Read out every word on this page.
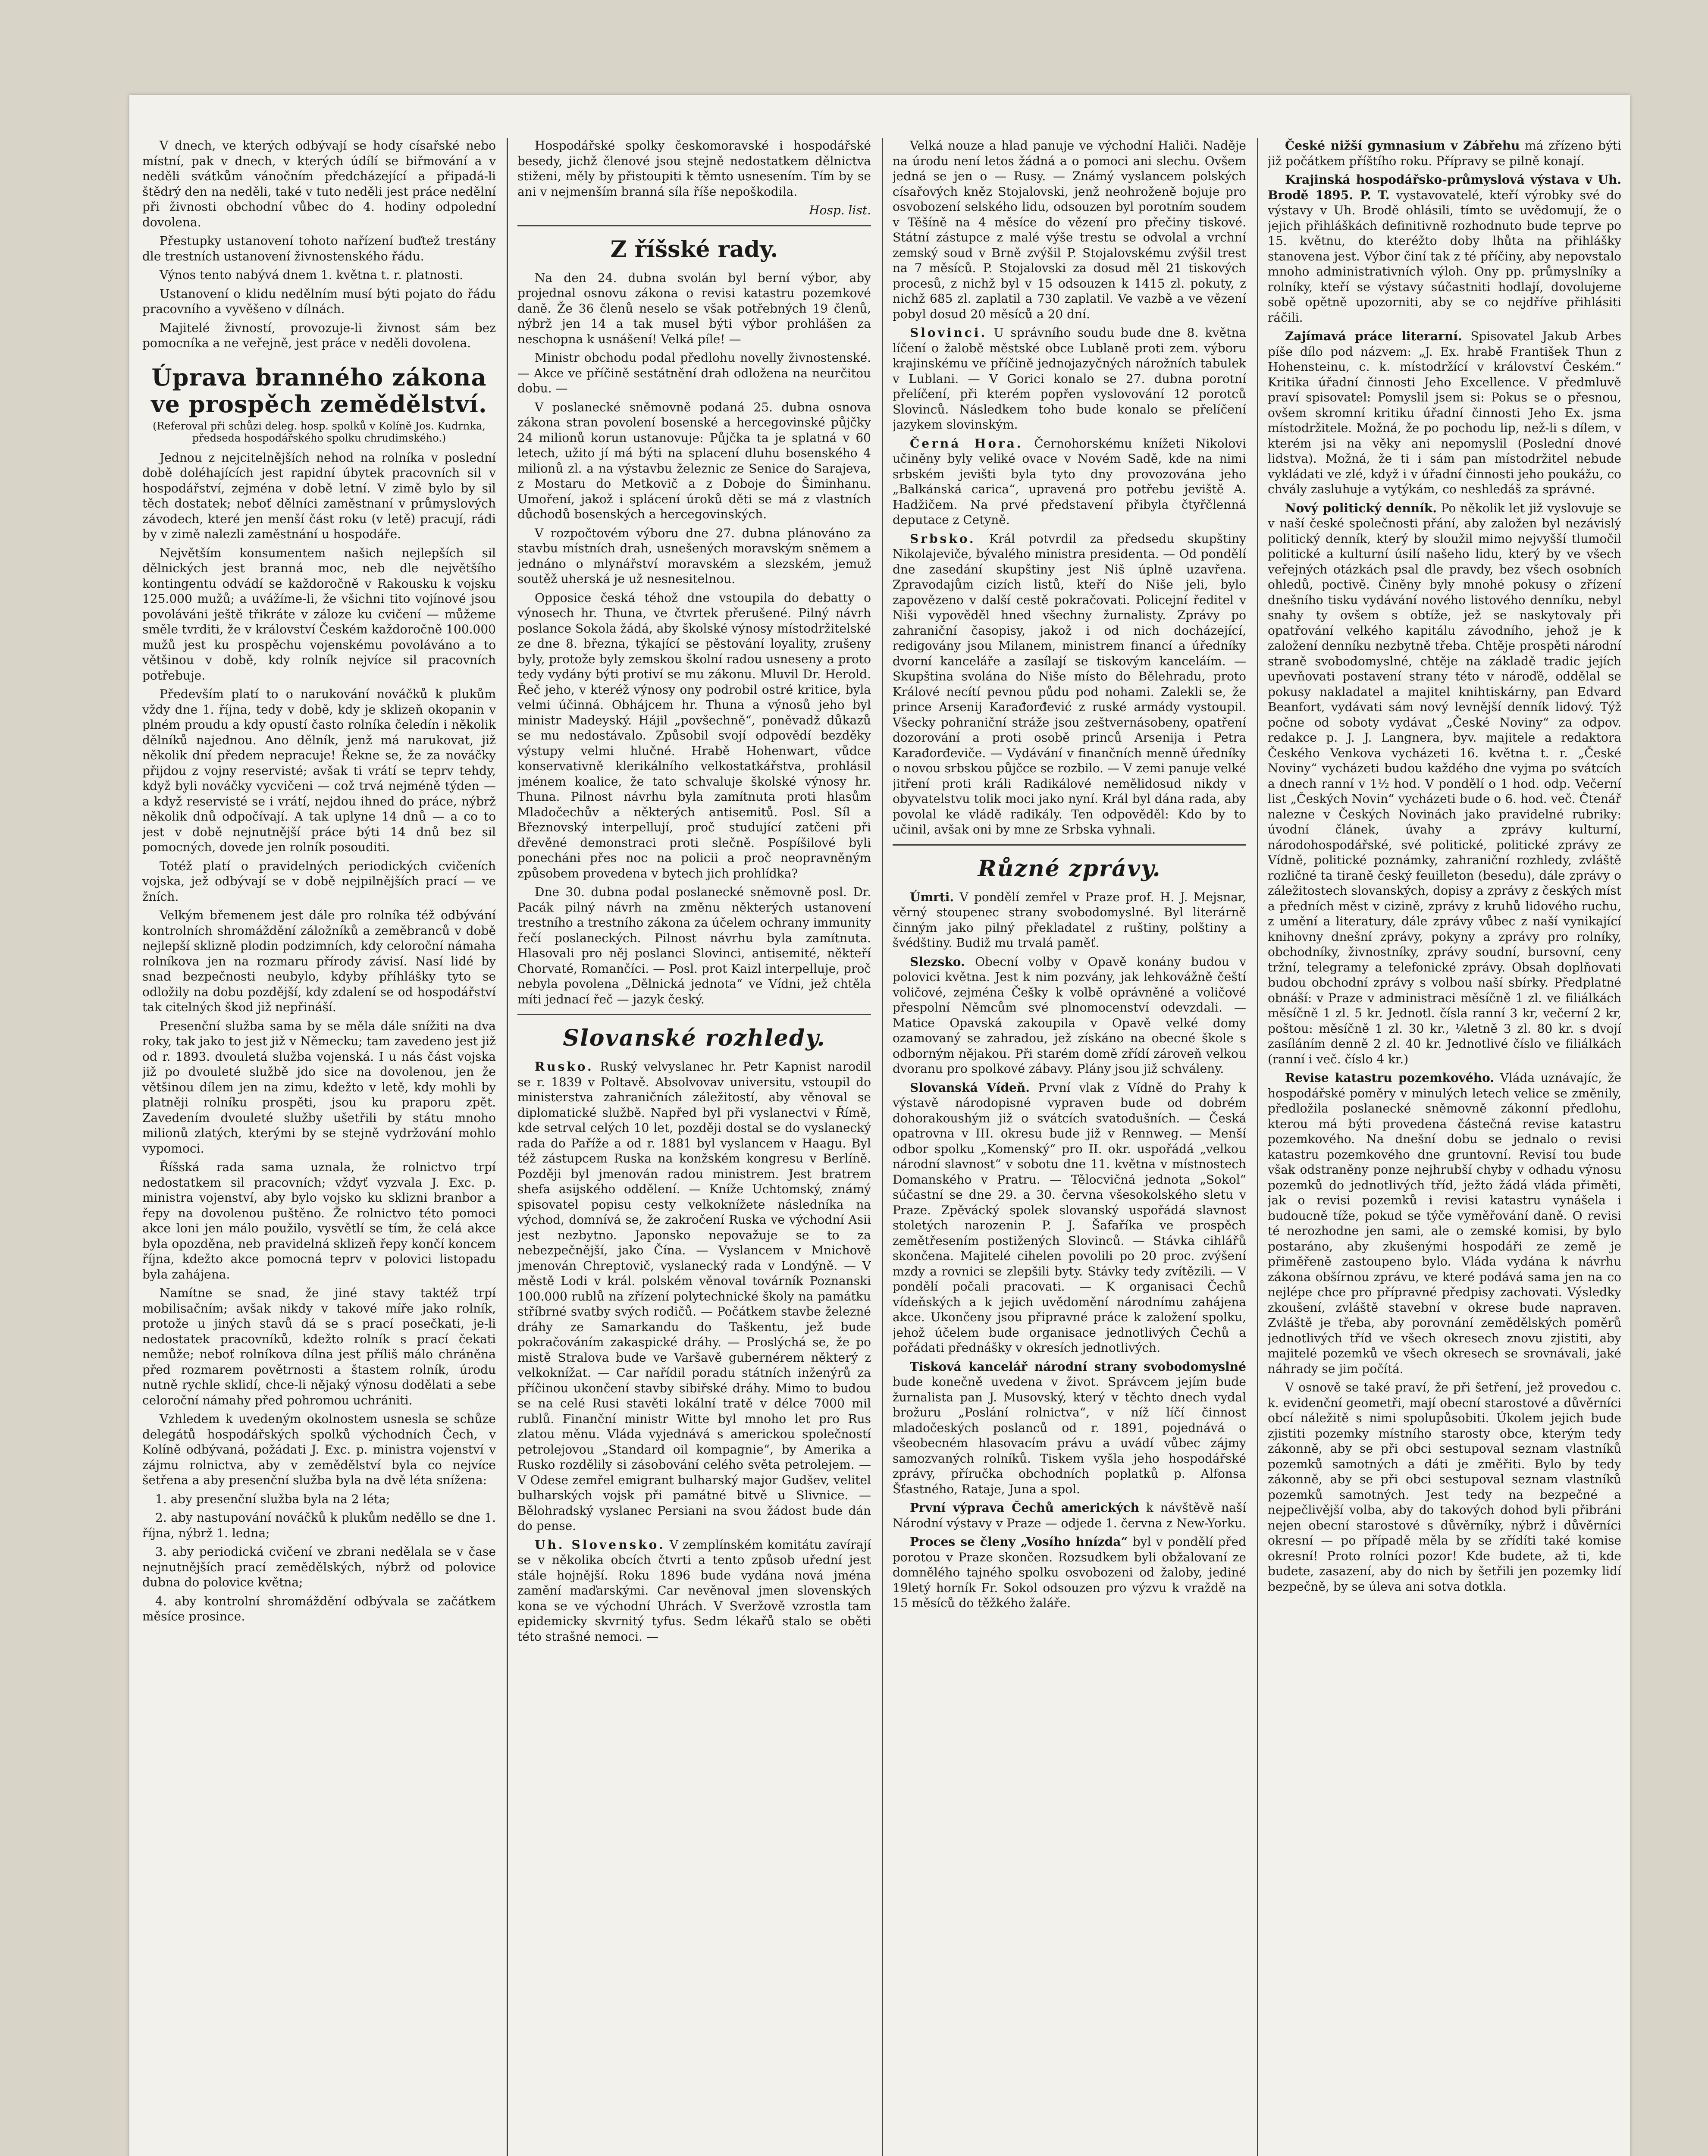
V dnech, ve kterých odbývají se hody císařské nebo místní, pak v dnech, v kterých údílí se biřmování a v neděli svátkům vánočním předcházející a připadá-li štědrý den na neděli, také v tuto neděli jest práce nedělní při živnosti obchodní vůbec do 4. hodiny odpolední dovolena.

Přestupky ustanovení tohoto nařízení buďtež trestány dle trestních ustanovení živnostenského řádu.

Výnos tento nabývá dnem 1. května t. r. platnosti.

Ustanovení o klidu nedělním musí býti pojato do řádu pracovního a vyvěšeno v dílnách.

Majitelé živností, provozuje-li živnost sám bez pomocníka a ne veřejně, jest práce v neděli dovolena.

Úprava branného zákona ve prospěch zemědělství.

(Referoval při schůzi deleg. hosp. spolků v Kolíně Jos. Kudrnka, předseda hospodářského spolku chrudimského.)

Jednou z nejcitelnějších nehod na rolníka v poslední době doléhajících jest rapidní úbytek pracovních sil v hospodářství, zejména v době letní. V zimě bylo by sil těch dostatek; neboť dělníci zaměstnaní v průmyslových závodech, které jen menší část roku (v letě) pracují, rádi by v zimě nalezli zaměstnání u hospodáře.

Největším konsumentem našich nejlepších sil dělnických jest branná moc, neb dle největšího kontingentu odvádí se každoročně v Rakousku k vojsku 125.000 mužů; a uvážíme-li, že všichni tito vojínové jsou povoláváni ještě třikráte v záloze ku cvičení — můžeme směle tvrditi, že v království Českém každoročně 100.000 mužů jest ku prospěchu vojenskému povoláváno a to většinou v době, kdy rolník nejvíce sil pracovních potřebuje.

Především platí to o narukování nováčků k plukům vždy dne 1. října, tedy v době, kdy je sklizeň okopanin v plném proudu a kdy opustí často rolníka čeledín i několik dělníků najednou. Ano dělník, jenž má narukovat, již několik dní předem nepracuje! Řekne se, že za nováčky přijdou z vojny reservisté; avšak ti vrátí se teprv tehdy, když byli nováčky vycvičeni — což trvá nejméně týden — a když reservisté se i vrátí, nejdou ihned do práce, nýbrž několik dnů odpočívají. A tak uplyne 14 dnů — a co to jest v době nejnutnější práce býti 14 dnů bez sil pomocných, dovede jen rolník posouditi.

Totéž platí o pravidelných periodických cvičeních vojska, jež odbývají se v době nejpilnějších prací — ve žních.

Velkým břemenem jest dále pro rolníka též odbývání kontrolních shromáždění záložníků a zeměbranců v době nejlepší sklizně plodin podzimních, kdy celoroční námaha rolníkova jen na rozmaru přírody závisí. Nasí lidé by snad bezpečnosti neubylo, kdyby příhlášky tyto se odložily na dobu pozdější, kdy zdalení se od hospodářství tak citelných škod již nepřináší.

Presenční služba sama by se měla dále snížiti na dva roky, tak jako to jest již v Německu; tam zavedeno jest již od r. 1893. dvouletá služba vojenská. I u nás část vojska již po dvouleté službě jdo sice na dovolenou, jen že většinou dílem jen na zimu, kdežto v letě, kdy mohli by platněji rolníku prospěti, jsou ku praporu zpět. Zavedením dvouleté služby ušetřili by státu mnoho milionů zlatých, kterými by se stejně vydržování mohlo vypomoci.

Říšská rada sama uznala, že rolnictvo trpí nedostatkem sil pracovních; vždyť vyzvala J. Exc. p. ministra vojenství, aby bylo vojsko ku sklizni branbor a řepy na dovolenou puštěno. Že rolnictvo této pomoci akce loni jen málo použilo, vysvětlí se tím, že celá akce byla opozděna, neb pravidelná sklizeň řepy končí koncem října, kdežto akce pomocná teprv v polovici listopadu byla zahájena.

Namítne se snad, že jiné stavy taktéž trpí mobilisačním; avšak nikdy v takové míře jako rolník, protože u jiných stavů dá se s prací posečkati, je-li nedostatek pracovníků, kdežto rolník s prací čekati nemůže; neboť rolníkova dílna jest příliš málo chráněna před rozmarem povětrnosti a štastem rolník, úrodu nutně rychle sklidí, chce-li nějaký výnosu dodělati a sebe celoroční námahy před pohromou uchrániti.

Vzhledem k uvedeným okolnostem usnesla se schůze delegátů hospodářských spolků východních Čech, v Kolíně odbývaná, požádati J. Exc. p. ministra vojenství v zájmu rolnictva, aby v zemědělství byla co nejvíce šetřena a aby presenční služba byla na dvě léta snížena:

1. aby presenční služba byla na 2 léta;

2. aby nastupování nováčků k plukům neděllo se dne 1. října, nýbrž 1. ledna;

3. aby periodická cvičení ve zbrani nedělala se v čase nejnutnějších prací zemědělských, nýbrž od polovice dubna do polovice května;

4. aby kontrolní shromáždění odbývala se začátkem měsíce prosince.

Hospodářské spolky českomoravské i hospodářské besedy, jichž členové jsou stejně nedostatkem dělnictva stiženi, měly by přistoupiti k těmto usnesením. Tím by se ani v nejmenším branná síla říše nepoškodila.

Hosp. list.

Z říšské rady.

Na den 24. dubna svolán byl berní výbor, aby projednal osnovu zákona o revisi katastru pozemkové daně. Že 36 členů neselo se však potřebných 19 členů, nýbrž jen 14 a tak musel býti výbor prohlášen za neschopna k usnášení! Velká píle! —

Ministr obchodu podal předlohu novelly živnostenské. — Akce ve příčině sestátnění drah odložena na neurčitou dobu. —

V poslanecké sněmovně podaná 25. dubna osnova zákona stran povolení bosenské a hercegovinské půjčky 24 milionů korun ustanovuje: Půjčka ta je splatná v 60 letech, užito jí má býti na splacení dluhu bosenského 4 milionů zl. a na výstavbu železnic ze Senice do Sarajeva, z Mostaru do Metkovič a z Doboje do Šiminhanu. Umoření, jakož i splácení úroků děti se má z vlastních důchodů bosenských a hercegovinských.

V rozpočtovém výboru dne 27. dubna plánováno za stavbu místních drah, usnešených moravským sněmem a jednáno o mlynářství moravském a slezském, jemuž soutěž uherská je už nesnesitelnou.

Opposice česká téhož dne vstoupila do debatty o výnosech hr. Thuna, ve čtvrtek přerušené. Pilný návrh poslance Sokola žádá, aby školské výnosy místodržitelské ze dne 8. března, týkající se pěstování loyality, zrušeny byly, protože byly zemskou školní radou usneseny a proto tedy vydány býti protiví se mu zákonu. Mluvil Dr. Herold. Řeč jeho, v kteréž výnosy ony podrobil ostré kritice, byla velmi účinná. Obhájcem hr. Thuna a výnosů jeho byl ministr Madeyský. Hájil „povšechně“, poněvadž důkazů se mu nedostávalo. Způsobil svojí odpovědí bezděky výstupy velmi hlučné. Hrabě Hohenwart, vůdce konservativně klerikálního velkostatkářstva, prohlásil jménem koalice, že tato schvaluje školské výnosy hr. Thuna. Pilnost návrhu byla zamítnuta proti hlasům Mladočechův a některých antisemitů. Posl. Síl a Březnovský interpellují, proč studující zatčeni při dřevěné demonstraci proti slečně. Pospíšilové byli ponecháni přes noc na policii a proč neopravněným způsobem provedena v bytech jich prohlídka?

Dne 30. dubna podal poslanecké sněmovně posl. Dr. Pacák pilný návrh na změnu některých ustanovení trestního a trestního zákona za účelem ochrany immunity řečí poslaneckých. Pilnost návrhu byla zamítnuta. Hlasovali pro něj poslanci Slovinci, antisemité, někteří Chorvaté, Romančíci. — Posl. prot Kaizl interpelluje, proč nebyla povolena „Dělnická jednota“ ve Vídni, jež chtěla míti jednací řeč — jazyk český.

Slovanské rozhledy.

Rusko. Ruský velvyslanec hr. Petr Kapnist narodil se r. 1839 v Poltavě. Absolvovav universitu, vstoupil do ministerstva zahraničních záležitostí, aby věnoval se diplomatické službě. Napřed byl při vyslanectvi v Římě, kde setrval celých 10 let, později dostal se do vyslanecký rada do Paříže a od r. 1881 byl vyslancem v Haagu. Byl též zástupcem Ruska na konžském kongresu v Berlíně. Později byl jmenován radou ministrem. Jest bratrem shefa asijského oddělení. — Kníže Uchtomský, známý spisovatel popisu cesty velkoknížete následníka na východ, domnívá se, že zakročení Ruska ve východní Asii jest nezbytno. Japonsko nepovažuje se to za nebezpečnější, jako Čína. — Vyslancem v Mnichově jmenován Chreptovič, vyslanecký rada v Londýně. — V městě Lodi v král. polském věnoval továrník Poznanski 100.000 rublů na zřízení polytechnické školy na památku stříbrné svatby svých rodičů. — Počátkem stavbe železné dráhy ze Samarkandu do Taškentu, jež bude pokračováním zakaspické dráhy. — Proslýchá se, že po mistě Stralova bude ve Varšavě gubernérem některý z velkoknížat. — Car nařídil poradu státních inženýrů za příčinou ukončení stavby sibiřské dráhy. Mimo to budou se na celé Rusi stavěti lokální tratě v délce 7000 mil rublů. Finanční ministr Witte byl mnoho let pro Rus zlatou měnu. Vláda vyjednává s americkou společností petrolejovou „Standard oil kompagnie“, by Amerika a Rusko rozdělily si zásobování celého světa petrolejem. — V Odese zemřel emigrant bulharský major Gudšev, velitel bulharských vojsk při památné bitvě u Slivnice. — Bělohradský vyslanec Persiani na svou žádost bude dán do pense.

Uh. Slovensko. V zemplínském komitátu zavírají se v několika obcích čtvrti a tento způsob uřední jest stále hojnější. Roku 1896 bude vydána nová jména zamění maďarskými. Car nevěnoval jmen slovenských kona se ve východní Uhrách. V Sveržově vzrostla tam epidemicky skvrnitý tyfus. Sedm lékařů stalo se oběti této strašné nemoci. —

Velká nouze a hlad panuje ve východní Haliči. Naděje na úrodu není letos žádná a o pomoci ani slechu. Ovšem jedná se jen o — Rusy. — Známý vyslancem polských císařových kněz Stojalovski, jenž neohroženě bojuje pro osvobození selského lidu, odsouzen byl porotním soudem v Těšíně na 4 měsíce do vězení pro přečiny tiskové. Státní zástupce z malé výše trestu se odvolal a vrchní zemský soud v Brně zvýšil P. Stojalovskému zvýšil trest na 7 měsíců. P. Stojalovski za dosud měl 21 tiskových procesů, z nichž byl v 15 odsouzen k 1415 zl. pokuty, z nichž 685 zl. zaplatil a 730 zaplatil. Ve vazbě a ve vězení pobyl dosud 20 měsíců a 20 dní.

Slovinci. U správního soudu bude dne 8. května líčení o žalobě městské obce Lublaně proti zem. výboru krajinskému ve příčině jednojazyčných nárožních tabulek v Lublani. — V Gorici konalo se 27. dubna porotní přelíčení, při kterém popřen vyslovování 12 porotců Slovinců. Následkem toho bude konalo se přelíčení jazykem slovinským.

Černá Hora. Černohorskému knížeti Nikolovi učiněny byly veliké ovace v Novém Sadě, kde na nimi srbském jevišti byla tyto dny provozována jeho „Balkánská carica“, upravená pro potřebu jeviště A. Hadžičem. Na prvé představení přibyla čtyřčlenná deputace z Cetyně.

Srbsko. Král potvrdil za předsedu skupštiny Nikolajeviče, bývalého ministra presidenta. — Od pondělí dne zasedání skupštiny jest Niš úplně uzavřena. Zpravodajům cizích listů, kteří do Niše jeli, bylo zapovězeno v další cestě pokračovati. Policejní ředitel v Niši vypověděl hned všechny žurnalisty. Zprávy po zahraniční časopisy, jakož i od nich docházející, redigovány jsou Milanem, ministrem financí a úředníky dvorní kanceláře a zasílají se tiskovým kanceláím. — Skupština svolána do Niše místo do Bělehradu, proto Králové necítí pevnou půdu pod nohami. Zalekli se, že prince Arsenij Karađorđević z ruské armády vystoupil. Všecky pohraniční stráže jsou zeštvernásobeny, opatření dozorování a proti osobě princů Arsenija i Petra Karađorđeviče. — Vydávání v finančních menně úředníky o novou srbskou půjčce se rozbilo. — V zemi panuje velké jitření proti králi Radikálové nemělidosud nikdy v obyvatelstvu tolik moci jako nyní. Král byl dána rada, aby povolal ke vládě radikály. Ten odpověděl: Kdo by to učinil, avšak oni by mne ze Srbska vyhnali.

Různé zprávy.

Úmrti. V pondělí zemřel v Praze prof. H. J. Mejsnar, věrný stoupenec strany svobodomyslné. Byl literárně činným jako pilný překladatel z ruštiny, polštiny a švédštiny. Budiž mu trvalá paměť.

Slezsko. Obecní volby v Opavě konány budou v polovici května. Jest k nim pozvány, jak lehkovážně čeští voličové, zejména Češky k volbě oprávněné a voličové přespolní Němcům své plnomocenství odevzdali. — Matice Opavská zakoupila v Opavě velké domy ozamovaný se zahradou, jež získáno na obecné škole s odborným nějakou. Při starém domě zřídí zároveň velkou dvoranu pro spolkové zábavy. Plány jsou již schváleny.

Slovanská Vídeň. První vlak z Vídně do Prahy k výstavě národopisné vypraven bude od dobrém dohorakoushým již o svátcích svatodušních. — Česká opatrovna v III. okresu bude již v Rennweg. — Menší odbor spolku „Komenský“ pro II. okr. uspořádá „velkou národní slavnost“ v sobotu dne 11. května v místnostech Domanského v Pratru. — Tělocvičná jednota „Sokol“ súčastní se dne 29. a 30. června všesokolského sletu v Praze. Zpěvácký spolek slovanský uspořádá slavnost stoletých narozenin P. J. Šafaříka ve prospěch zemětřesením postižených Slovinců. — Stávka cihlářů skončena. Majitelé cihelen povolili po 20 proc. zvýšení mzdy a rovnici se zlepšili byty. Stávky tedy zvítězili. — V pondělí počali pracovati. — K organisaci Čechů vídeňských a k jejich uvědomění národnímu zahájena akce. Ukončeny jsou připravné práce k založení spolku, jehož účelem bude organisace jednotlivých Čechů a pořádati přednášky v okresích jednotlivých.

Tisková kancelář národní strany svobodomyslné bude konečně uvedena v život. Správcem jejím bude žurnalista pan J. Musovský, který v těchto dnech vydal brožuru „Poslání rolnictva“, v níž líčí činnost mladočeských poslanců od r. 1891, pojednává o všeobecném hlasovacím právu a uvádí vůbec zájmy samozvaných rolníků. Tiskem vyšla jeho hospodářské zprávy, příručka obchodních poplatků p. Alfonsa Šťastného, Rataje, Juna a spol.

První výprava Čechů amerických k návštěvě naší Národní výstavy v Praze — odjede 1. června z New-Yorku.

Proces se členy „Vosího hnízda“ byl v pondělí před porotou v Praze skončen. Rozsudkem byli obžalovaní ze domnělého tajného spolku osvobozeni od žaloby, jediné 19letý horník Fr. Sokol odsouzen pro výzvu k vraždě na 15 měsíců do těžkého žaláře.

České nižší gymnasium v Zábřehu má zřízeno býti již počátkem příštího roku. Přípravy se pilně konají.

Krajinská hospodářsko-průmyslová výstava v Uh. Brodě 1895. P. T. vystavovatelé, kteří výrobky své do výstavy v Uh. Brodě ohlásili, tímto se uvědomují, že o jejich přihláškách definitivně rozhodnuto bude teprve po 15. květnu, do kteréžto doby lhůta na přihlášky stanovena jest. Výbor činí tak z té příčiny, aby nepovstalo mnoho administrativních výloh. Ony pp. průmyslníky a rolníky, kteří se výstavy súčastniti hodlají, dovolujeme sobě opětně upozorniti, aby se co nejdříve přihlásiti ráčili.

Zajímavá práce literarní. Spisovatel Jakub Arbes píše dílo pod názvem: „J. Ex. hrabě František Thun z Hohensteinu, c. k. místodržící v království Českém.“ Kritika úřadní činnosti Jeho Excellence. V předmluvě praví spisovatel: Pomyslil jsem si: Pokus se o přesnou, ovšem skromní kritiku úřadní činnosti Jeho Ex. jsma místodržitele. Možná, že po pochodu lip, než-li s dílem, v kterém jsi na věky ani nepomyslil (Poslední dnové lidstva). Možná, že ti i sám pan místodržitel nebude vykládati ve zlé, když i v úřadní činnosti jeho poukážu, co chvály zasluhuje a vytýkám, co neshledáš za správné.

Nový politický denník. Po několik let již vyslovuje se v naší české společnosti přání, aby založen byl nezávislý politický denník, který by sloužil mimo nejvyšší tlumočil politické a kulturní úsilí našeho lidu, který by ve všech veřejných otázkách psal dle pravdy, bez všech osobních ohledů, poctivě. Činěny byly mnohé pokusy o zřízení dnešního tisku vydávání nového listového denníku, nebyl snahy ty ovšem s obtíže, jež se naskytovaly při opatřování velkého kapitálu závodního, jehož je k založení denníku nezbytně třeba. Chtěje prospěti národní straně svobodomyslné, chtěje na základě tradic jejích upevňovati postavení strany této v nároďě, oddělal se pokusy nakladatel a majitel knihtiskárny, pan Edvard Beanfort, vydávati sám nový levnější denník lidový. Týž počne od soboty vydávat „České Noviny“ za odpov. redakce p. J. J. Langnera, byv. majitele a redaktora Českého Venkova vycházeti 16. května t. r. „České Noviny“ vycházeti budou každého dne vyjma po svátcích a dnech ranní v 1½ hod. V pondělí o 1 hod. odp. Večerní list „Českých Novin“ vycházeti bude o 6. hod. več. Čtenář nalezne v Českých Novinách jako pravidelné rubriky: úvodní článek, úvahy a zprávy kulturní, národohospodářské, své politické, politické zprávy ze Vídně, politické poznámky, zahraniční rozhledy, zvláště rozličné ta tiraně český feuilleton (besedu), dále zprávy o záležitostech slovanských, dopisy a zprávy z českých míst a předních měst v cizině, zprávy z kruhů lidového ruchu, z umění a literatury, dále zprávy vůbec z naší vynikající knihovny dnešní zprávy, pokyny a zprávy pro rolníky, obchodníky, živnostníky, zprávy soudní, bursovní, ceny tržní, telegramy a telefonické zprávy. Obsah doplňovati budou obchodní zprávy s volbou naší sbírky. Předplatné obnáší: v Praze v administraci měsíčně 1 zl. ve filiálkách měsíčně 1 zl. 5 kr. Jednotl. čísla ranní 3 kr, večerní 2 kr, poštou: měsíčně 1 zl. 30 kr., ¼letně 3 zl. 80 kr. s dvojí zasíláním denně 2 zl. 40 kr. Jednotlivé číslo ve filiálkách (ranní i več. číslo 4 kr.)

Revise katastru pozemkového. Vláda uznávajíc, že hospodářské poměry v minulých letech velice se změnily, předložila poslanecké sněmovně zákonní předlohu, kterou má býti provedena částečná revise katastru pozemkového. Na dnešní dobu se jednalo o revisi katastru pozemkového dne gruntovní. Revisí tou bude však odstraněny ponze nejhrubší chyby v odhadu výnosu pozemků do jednotlivých tříd, ježto žádá vláda přiměti, jak o revisi pozemků i revisi katastru vynášela i budoucně tíže, pokud se týče vyměřování daně. O revisi té nerozhodne jen sami, ale o zemské komisi, by bylo postaráno, aby zkušenými hospodáři ze země je přiměřeně zastoupeno bylo. Vláda vydána k návrhu zákona obšírnou zprávu, ve které podává sama jen na co nejlépe chce pro přípravné předpisy zachovati. Výsledky zkoušení, zvláště stavební v okrese bude napraven. Zvláště je třeba, aby porovnání zemědělských poměrů jednotlivých tříd ve všech okresech znovu zjistiti, aby majitelé pozemků ve všech okresech se srovnávali, jaké náhrady se jim počítá.

V osnově se také praví, že při šetření, jež provedou c. k. evidenční geometři, mají obecní starostové a důvěrníci obcí náležitě s nimi spolupůsobiti. Úkolem jejich bude zjistiti pozemky místního starosty obce, kterým tedy zákonně, aby se při obci sestupoval seznam vlastníků pozemků samotných a dáti je změřiti. Bylo by tedy zákonně, aby se při obci sestupoval seznam vlastníků pozemků samotných. Jest tedy na bezpečné a nejpečlivější volba, aby do takových dohod byli přibráni nejen obecní starostové s důvěrníky, nýbrž i důvěrníci okresní — po případě měla by se zřídíti také komise okresní! Proto rolníci pozor! Kde budete, až ti, kde budete, zasazení, aby do nich by šetřili jen pozemky lidí bezpečně, by se úleva ani sotva dotkla.
